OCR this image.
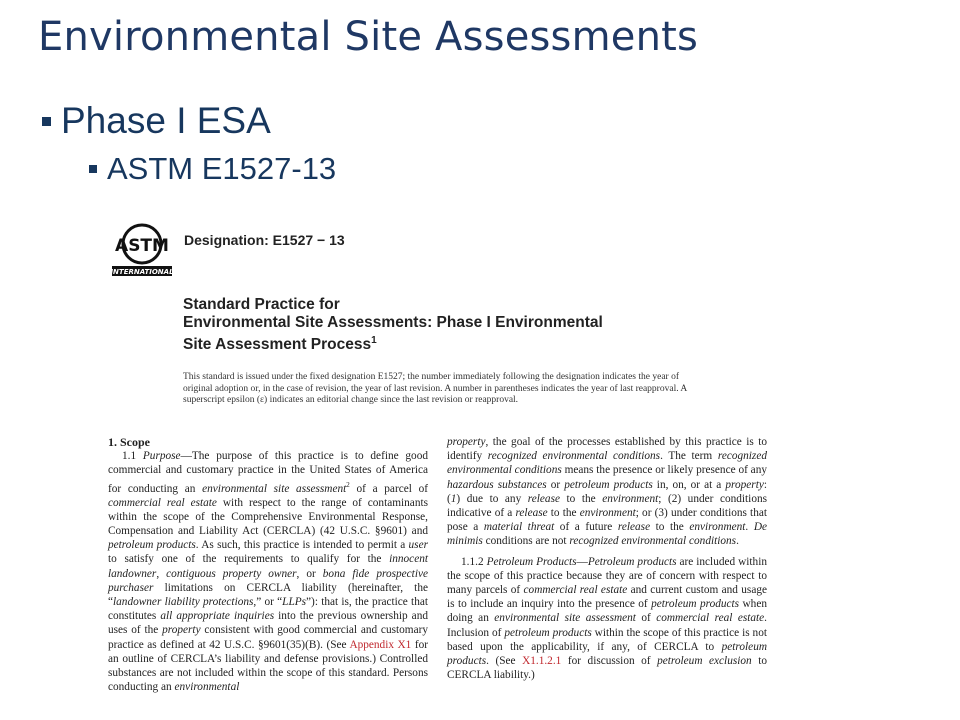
Environmental Site Assessments
Phase I ESA
ASTM E1527-13
ASTM
INTERNATIONAL
Designation: E1527 − 13
Standard Practice for
Environmental Site Assessments: Phase I Environmental
Site Assessment Process$^1$
This standard is issued under the fixed designation E1527; the number immediately following the designation indicates the year of original adoption or, in the case of revision, the year of last revision. A number in parentheses indicates the year of last reapproval. A superscript epsilon (ε) indicates an editorial change since the last revision or reapproval.

1. Scope

1.1 Purpose—The purpose of this practice is to define good commercial and customary practice in the United States of America for conducting an environmental site assessment$^2$ of a parcel of commercial real estate with respect to the range of contaminants within the scope of the Comprehensive Environmental Response, Compensation and Liability Act (CERCLA) (42 U.S.C. §9601) and petroleum products. As such, this practice is intended to permit a user to satisfy one of the requirements to qualify for the innocent landowner, contiguous property owner, or bona fide prospective purchaser limitations on CERCLA liability (hereinafter, the “landowner liability protections,” or “LLPs”): that is, the practice that constitutes all appropriate inquiries into the previous ownership and uses of the property consistent with good commercial and customary practice as defined at 42 U.S.C. §9601(35)(B). (See Appendix X1 for an outline of CERCLA’s liability and defense provisions.) Controlled substances are not included within the scope of this standard. Persons conducting an environmental

property, the goal of the processes established by this practice is to identify recognized environmental conditions. The term recognized environmental conditions means the presence or likely presence of any hazardous substances or petroleum products in, on, or at a property: (1) due to any release to the environment; (2) under conditions indicative of a release to the environment; or (3) under conditions that pose a material threat of a future release to the environment. De minimis conditions are not recognized environmental conditions.

1.1.2 Petroleum Products—Petroleum products are included within the scope of this practice because they are of concern with respect to many parcels of commercial real estate and current custom and usage is to include an inquiry into the presence of petroleum products when doing an environmental site assessment of commercial real estate. Inclusion of petroleum products within the scope of this practice is not based upon the applicability, if any, of CERCLA to petroleum products. (See X1.1.2.1 for discussion of petroleum exclusion to CERCLA liability.)
